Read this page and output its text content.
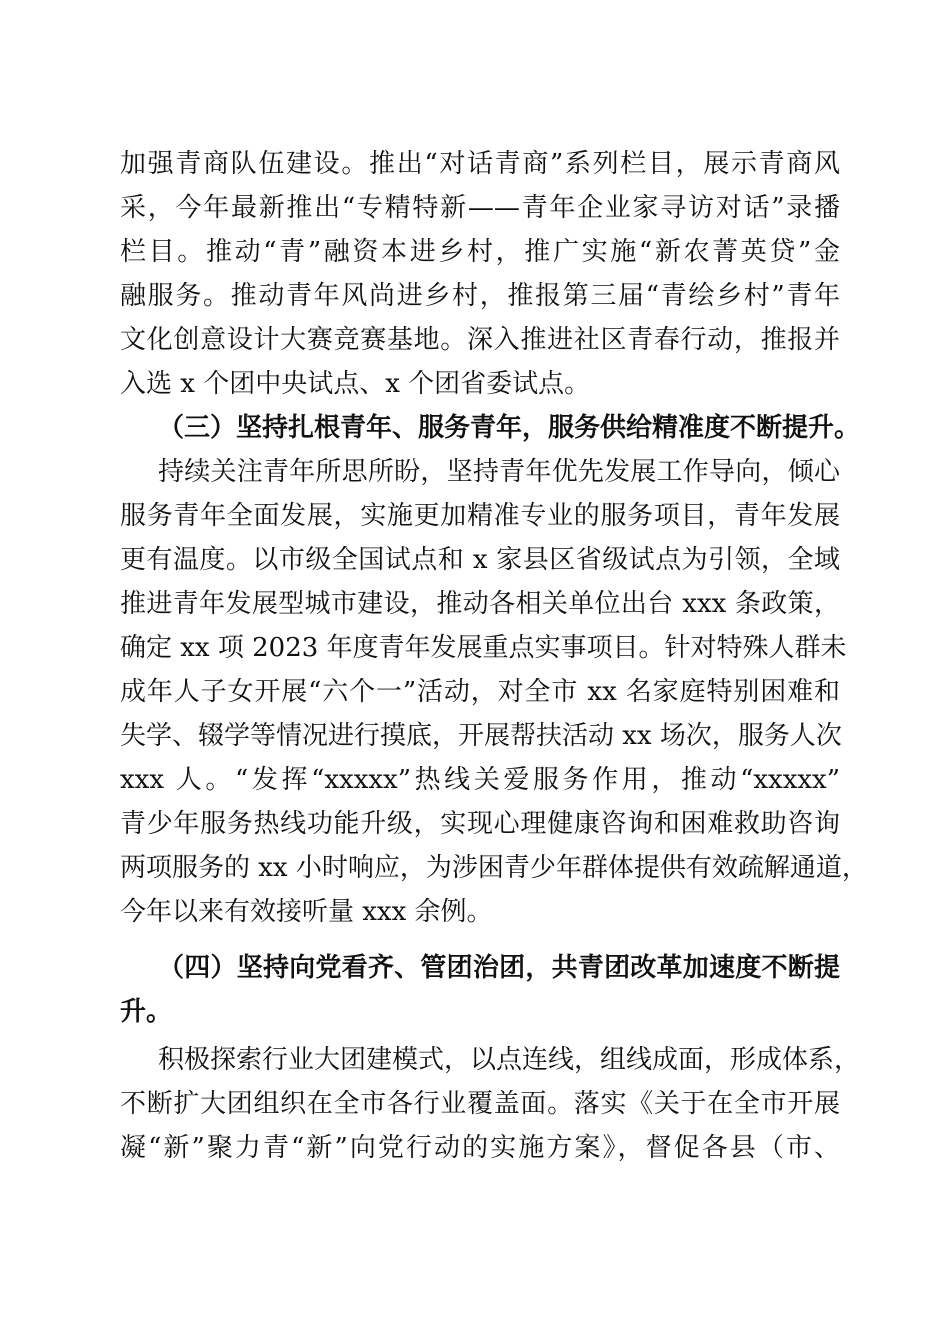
加强青商队伍建设。推出“对话青商”系列栏目，展示青商风
采，今年最新推出“专精特新——青年企业家寻访对话”录播
栏目。推动“青”融资本进乡村，推广实施“新农菁英贷”金
融服务。推动青年风尚进乡村，推报第三届“青绘乡村”青年
文化创意设计大赛竞赛基地。深入推进社区青春行动，推报并
入选 x 个团中央试点、x 个团省委试点。
（三）坚持扎根青年、服务青年，服务供给精准度不断提升。
持续关注青年所思所盼，坚持青年优先发展工作导向，倾心
服务青年全面发展，实施更加精准专业的服务项目，青年发展
更有温度。以市级全国试点和 x 家县区省级试点为引领，全域
推进青年发展型城市建设，推动各相关单位出台 xxx 条政策，
确定 xx 项 2023 年度青年发展重点实事项目。针对特殊人群未
成年人子女开展“六个一”活动，对全市 xx 名家庭特别困难和
失学、辍学等情况进行摸底，开展帮扶活动 xx 场次，服务人次
xxx 人。“发挥“xxxxx”热线关爱服务作用，推动“xxxxx”
青少年服务热线功能升级，实现心理健康咨询和困难救助咨询
两项服务的 xx 小时响应，为涉困青少年群体提供有效疏解通道，
今年以来有效接听量 xxx 余例。
（四）坚持向党看齐、管团治团，共青团改革加速度不断提
升。
积极探索行业大团建模式，以点连线，组线成面，形成体系，
不断扩大团组织在全市各行业覆盖面。落实《关于在全市开展
凝“新”聚力青“新”向党行动的实施方案》，督促各县（市、
